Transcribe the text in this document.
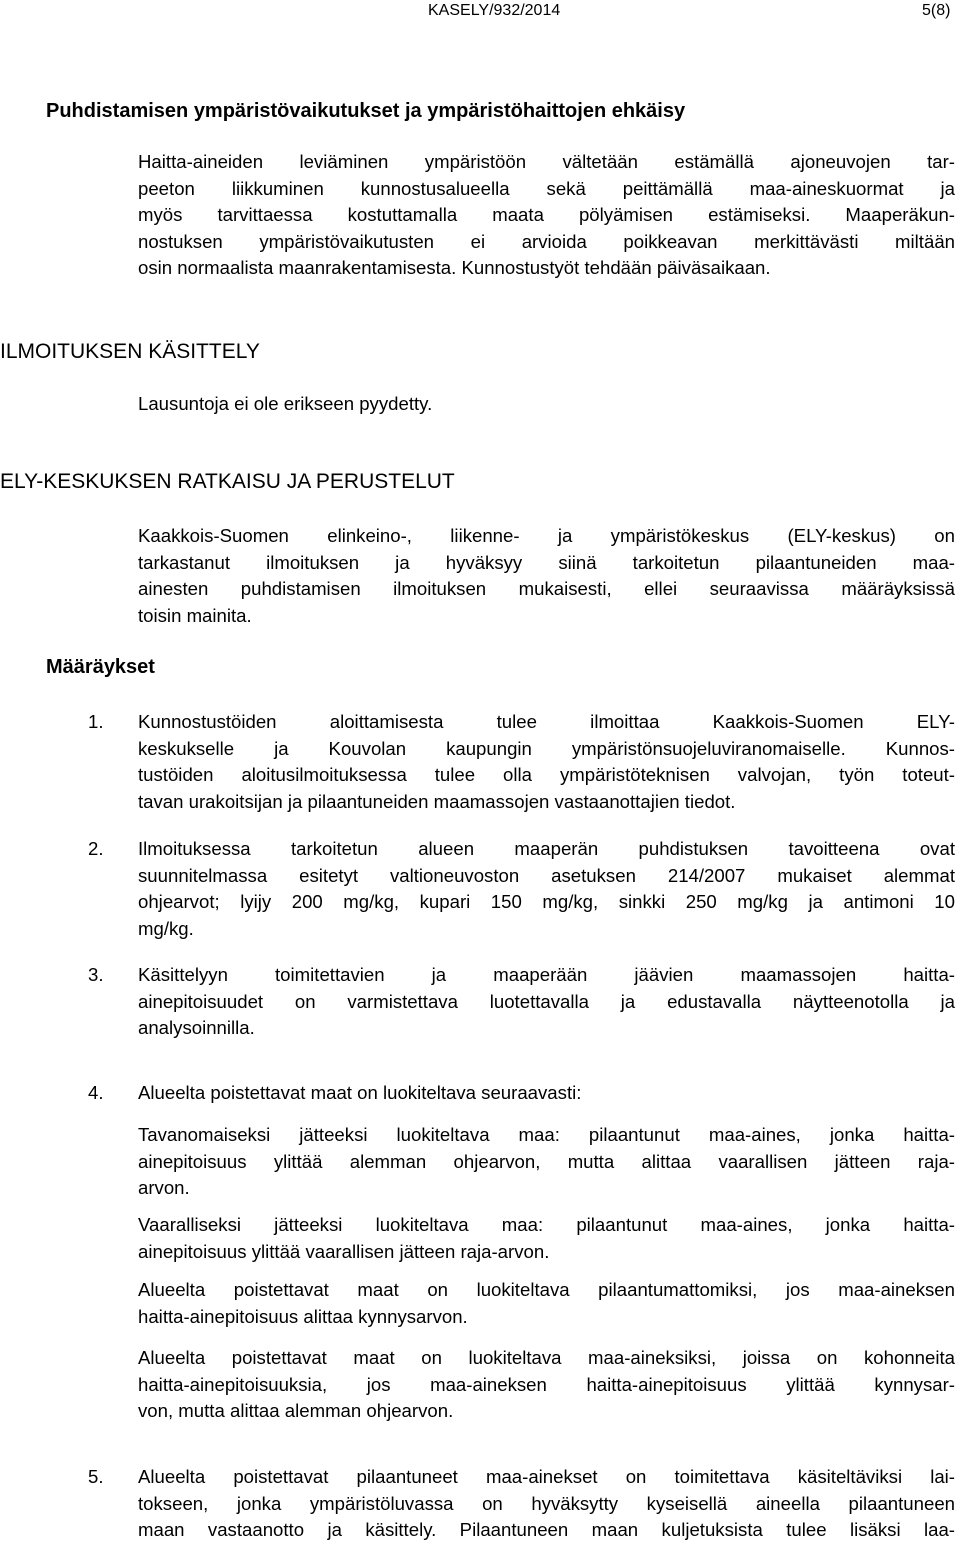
KASELY/932/2014	5(8)
Puhdistamisen ympäristövaikutukset ja ympäristöhaittojen ehkäisy
Haitta-aineiden leviäminen ympäristöön vältetään estämällä ajoneuvojen tar-
peeton liikkuminen kunnostusalueella sekä peittämällä maa-aineskuormat ja
myös tarvittaessa kostuttamalla maata pölyämisen estämiseksi. Maaperäkun-
nostuksen ympäristövaikutusten ei arvioida poikkeavan merkittävästi miltään
osin normaalista maanrakentamisesta. Kunnostustyöt tehdään päiväsaikaan.
ILMOITUKSEN KÄSITTELY
Lausuntoja ei ole erikseen pyydetty.
ELY-KESKUKSEN RATKAISU JA PERUSTELUT
Kaakkois-Suomen elinkeino-, liikenne- ja ympäristökeskus (ELY-keskus) on
tarkastanut ilmoituksen ja hyväksyy siinä tarkoitetun pilaantuneiden maa-
ainesten puhdistamisen ilmoituksen mukaisesti, ellei seuraavissa määräyksissä
toisin mainita.
Määräykset
1. Kunnostustöiden aloittamisesta tulee ilmoittaa Kaakkois-Suomen ELY-
keskukselle ja Kouvolan kaupungin ympäristönsuojeluviranomaiselle. Kunnos-
tustöiden aloitusilmoituksessa tulee olla ympäristöteknisen valvojan, työn toteut-
tavan urakoitsijan ja pilaantuneiden maamassojen vastaanottajien tiedot.
2. Ilmoituksessa tarkoitetun alueen maaperän puhdistuksen tavoitteena ovat
suunnitelmassa esitetyt valtioneuvoston asetuksen 214/2007 mukaiset alemmat
ohjearvot; lyijy 200 mg/kg, kupari 150 mg/kg, sinkki 250 mg/kg ja antimoni 10
mg/kg.
3. Käsittelyyn toimitettavien ja maaperään jäävien maamassojen haitta-
ainepitoisuudet on varmistettava luotettavalla ja edustavalla näytteenotolla ja
analysoinnilla.
4. Alueelta poistettavat maat on luokiteltava seuraavasti:
Tavanomaiseksi jätteeksi luokiteltava maa: pilaantunut maa-aines, jonka haitta-
ainepitoisuus ylittää alemman ohjearvon, mutta alittaa vaarallisen jätteen raja-
arvon.
Vaaralliseksi jätteeksi luokiteltava maa: pilaantunut maa-aines, jonka haitta-
ainepitoisuus ylittää vaarallisen jätteen raja-arvon.
Alueelta poistettavat maat on luokiteltava pilaantumattomiksi, jos maa-aineksen
haitta-ainepitoisuus alittaa kynnysarvon.
Alueelta poistettavat maat on luokiteltava maa-aineksiksi, joissa on kohonneita
haitta-ainepitoisuuksia, jos maa-aineksen haitta-ainepitoisuus ylittää kynnysar-
von, mutta alittaa alemman ohjearvon.
5. Alueelta poistettavat pilaantuneet maa-ainekset on toimitettava käsiteltäviksi lai-
tokseen, jonka ympäristöluvassa on hyväksytty kyseisellä aineella pilaantuneen
maan vastaanotto ja käsittely. Pilaantuneen maan kuljetuksista tulee lisäksi laa-
